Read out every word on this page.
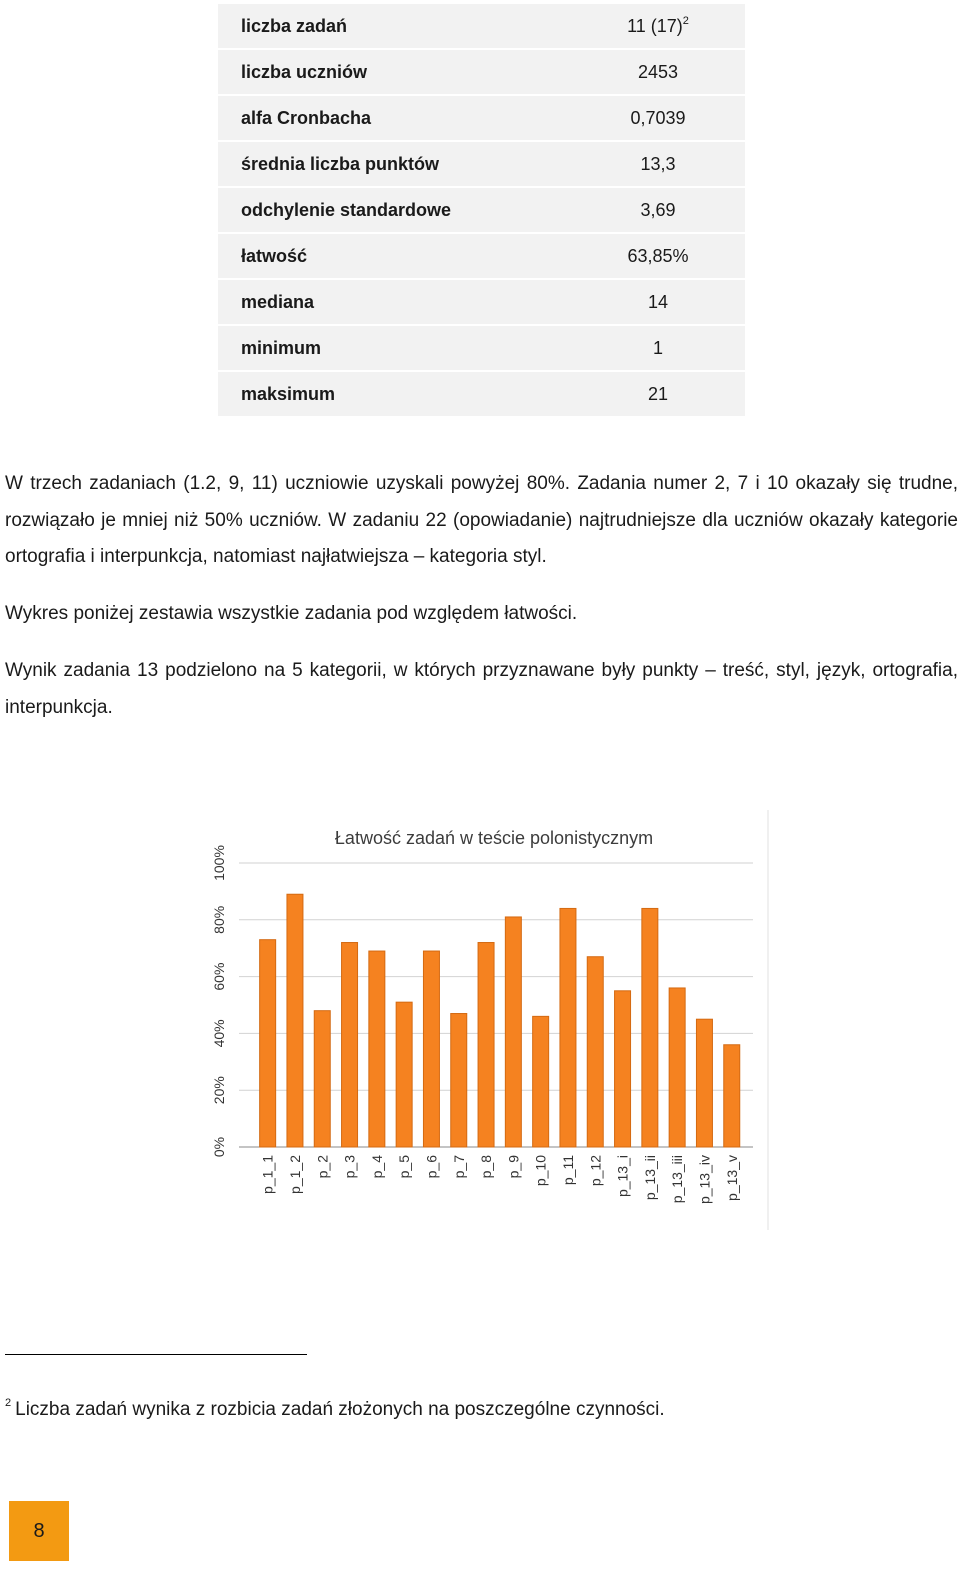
liczba zadań	11 $(17)^2$
liczba uczniów	2453
alfa Cronbacha	0,7039
średnia liczba punktów	13,3
odchylenie standardowe	3,69
łatwość	63,85%
mediana	14
minimum	1
maksimum	21

W trzech zadaniach (1.2, 9, 11) uczniowie uzyskali powyżej 80%. Zadania numer 2, 7 i 10 okazały się trudne, rozwiązało je mniej niż 50% uczniów. W zadaniu 22 (opowiadanie) najtrudniejsze dla uczniów okazały kategorie ortografia i interpunkcja, natomiast najłatwiejsza – kategoria styl.

Wykres poniżej zestawia wszystkie zadania pod względem łatwości.

Wynik zadania 13 podzielono na 5 kategorii, w których przyznawane były punkty – treść, styl, język, ortografia, interpunkcja.

Łatwość zadań w teście polonistycznym
0%
20%
40%
60%
80%
100%
p_1_1 p_1_2 p_2 p_3 p_4 p_5 p_6 p_7 p_8 p_9 p_10 p_11 p_12 p_13_i p_13_ii p_13_iii p_13_iv p_13_v

$^2$ Liczba zadań wynika z rozbicia zadań złożonych na poszczególne czynności.

8
